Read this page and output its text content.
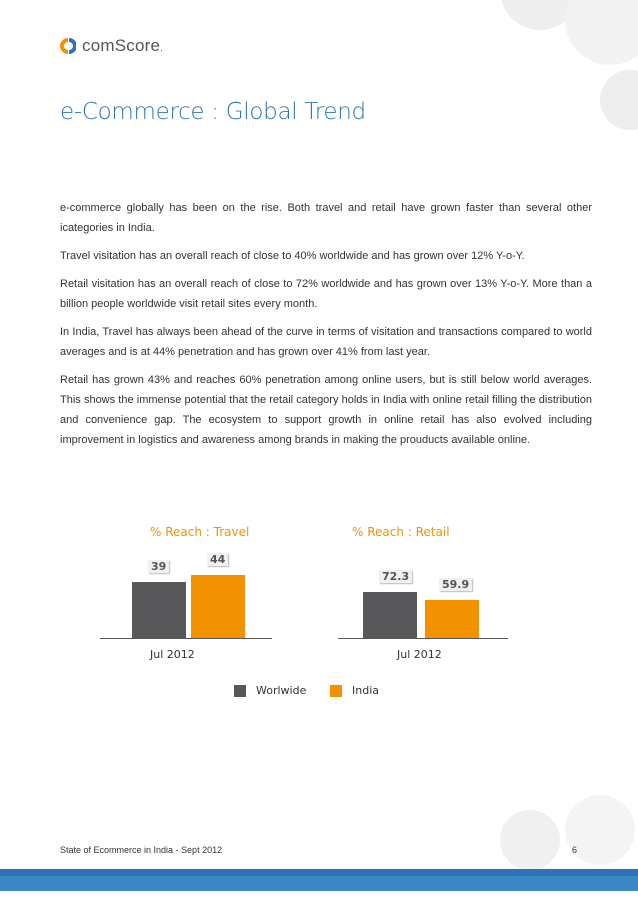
comScore.
e-Commerce : Global Trend

e-commerce globally has been on the rise. Both travel and retail have grown faster than several other icategories in India.

Travel visitation has an overall reach of close to 40% worldwide and has grown over 12% Y-o-Y.

Retail visitation has an overall reach of close to 72% worldwide and has grown over 13% Y-o-Y. More than a billion people worldwide visit retail sites every month.

In India, Travel has always been ahead of the curve in terms of visitation and transactions compared to world averages and is at 44% penetration and has grown over 41% from last year.

Retail has grown 43% and reaches 60% penetration among online users, but is still below world averages. This shows the immense potential that the retail category holds in India with online retail filling the distribution and convenience gap. The ecosystem to support growth in online retail has also evolved including improvement in logistics and awareness among brands in making the prouducts available online.

% Reach : Travel
39
44
Jul 2012
% Reach : Retail
72.3
59.9
Jul 2012
Worlwide	India
State of Ecommerce in India - Sept 2012	6
